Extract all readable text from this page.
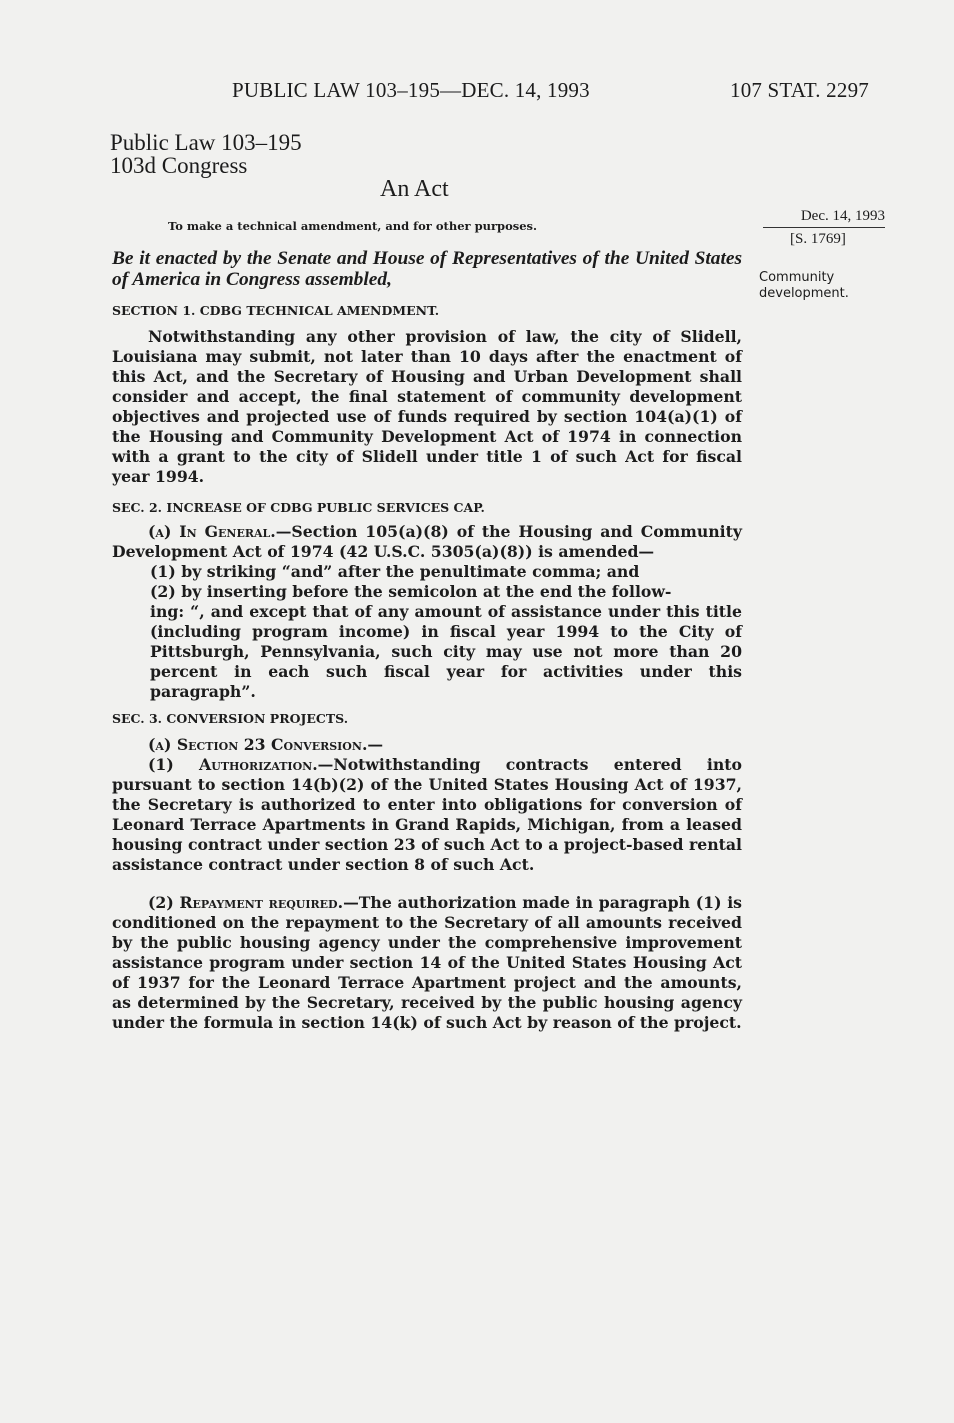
PUBLIC LAW 103–195—DEC. 14, 1993	107 STAT. 2297
Public Law 103–195
103d Congress
An Act
To make a technical amendment, and for other purposes.
Dec. 14, 1993
[S. 1769]
Community development.
Be it enacted by the Senate and House of Representatives of the United States of America in Congress assembled,
SECTION 1. CDBG TECHNICAL AMENDMENT.
Notwithstanding any other provision of law, the city of Slidell, Louisiana may submit, not later than 10 days after the enactment of this Act, and the Secretary of Housing and Urban Development shall consider and accept, the final statement of community development objectives and projected use of funds required by section 104(a)(1) of the Housing and Community Development Act of 1974 in connection with a grant to the city of Slidell under title 1 of such Act for fiscal year 1994.
SEC. 2. INCREASE OF CDBG PUBLIC SERVICES CAP.
(a) In General.—Section 105(a)(8) of the Housing and Community Development Act of 1974 (42 U.S.C. 5305(a)(8)) is amended—
(1) by striking “and” after the penultimate comma; and
(2) by inserting before the semicolon at the end the follow-
ing: “, and except that of any amount of assistance under this title (including program income) in fiscal year 1994 to the City of Pittsburgh, Pennsylvania, such city may use not more than 20 percent in each such fiscal year for activities under this paragraph”.
SEC. 3. CONVERSION PROJECTS.
(a) Section 23 Conversion.—
(1) Authorization.—Notwithstanding contracts entered into pursuant to section 14(b)(2) of the United States Housing Act of 1937, the Secretary is authorized to enter into obligations for conversion of Leonard Terrace Apartments in Grand Rapids, Michigan, from a leased housing contract under section 23 of such Act to a project-based rental assistance contract under section 8 of such Act.
(2) Repayment required.—The authorization made in paragraph (1) is conditioned on the repayment to the Secretary of all amounts received by the public housing agency under the comprehensive improvement assistance program under section 14 of the United States Housing Act of 1937 for the Leonard Terrace Apartment project and the amounts, as determined by the Secretary, received by the public housing agency under the formula in section 14(k) of such Act by reason of the project.
